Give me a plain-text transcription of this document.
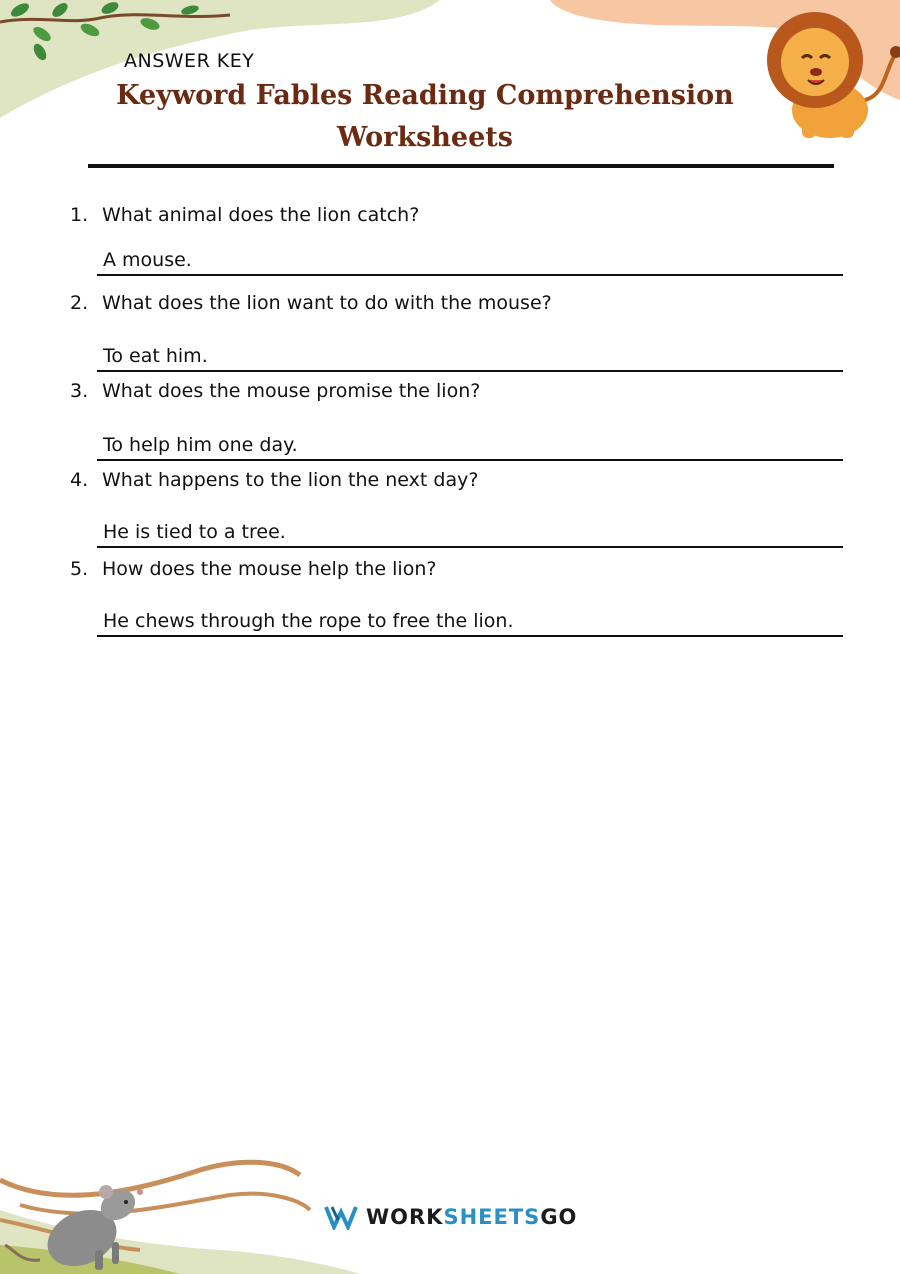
ANSWER KEY
Keyword Fables Reading Comprehension
Worksheets
1. What animal does the lion catch?
A mouse.
2. What does the lion want to do with the mouse?
To eat him.
3. What does the mouse promise the lion?
To help him one day.
4. What happens to the lion the next day?
He is tied to a tree.
5. How does the mouse help the lion?
He chews through the rope to free the lion.
WORK SHEETS GO
